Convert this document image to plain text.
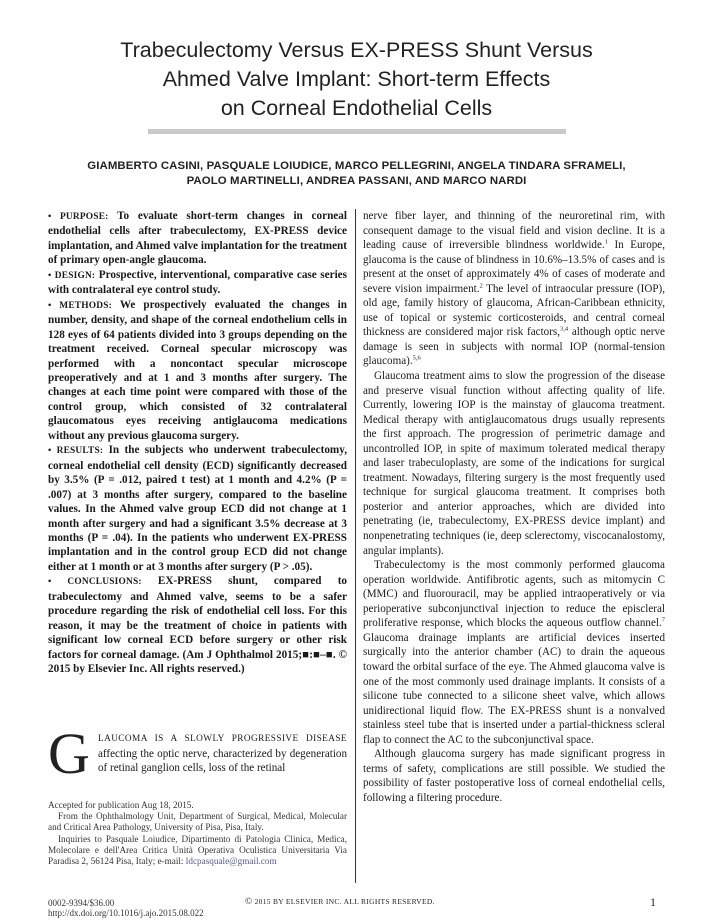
Trabeculectomy Versus EX-PRESS Shunt Versus
Ahmed Valve Implant: Short-term Effects
on Corneal Endothelial Cells
GIAMBERTO CASINI, PASQUALE LOIUDICE, MARCO PELLEGRINI, ANGELA TINDARA SFRAMELI,
PAOLO MARTINELLI, ANDREA PASSANI, AND MARCO NARDI

• PURPOSE: To evaluate short-term changes in corneal endothelial cells after trabeculectomy, EX-PRESS device implantation, and Ahmed valve implantation for the treatment of primary open-angle glaucoma.

• DESIGN: Prospective, interventional, comparative case series with contralateral eye control study.

• METHODS: We prospectively evaluated the changes in number, density, and shape of the corneal endothelium cells in 128 eyes of 64 patients divided into 3 groups depending on the treatment received. Corneal specular microscopy was performed with a noncontact specular microscope preoperatively and at 1 and 3 months after surgery. The changes at each time point were compared with those of the control group, which consisted of 32 contralateral glaucomatous eyes receiving antiglaucoma medications without any previous glaucoma surgery.

• RESULTS: In the subjects who underwent trabeculectomy, corneal endothelial cell density (ECD) significantly decreased by 3.5% (P = .012, paired t test) at 1 month and 4.2% (P = .007) at 3 months after surgery, compared to the baseline values. In the Ahmed valve group ECD did not change at 1 month after surgery and had a significant 3.5% decrease at 3 months (P = .04). In the patients who underwent EX-PRESS implantation and in the control group ECD did not change either at 1 month or at 3 months after surgery (P > .05).

• CONCLUSIONS: EX-PRESS shunt, compared to trabeculectomy and Ahmed valve, seems to be a safer procedure regarding the risk of endothelial cell loss. For this reason, it may be the treatment of choice in patients with significant low corneal ECD before surgery or other risk factors for corneal damage. (Am J Ophthalmol 2015;■:■–■. © 2015 by Elsevier Inc. All rights reserved.)

G LAUCOMA IS A SLOWLY PROGRESSIVE DISEASE affecting the optic nerve, characterized by degeneration of retinal ganglion cells, loss of the retinal

Accepted for publication Aug 18, 2015.

From the Ophthalmology Unit, Department of Surgical, Medical, Molecular and Critical Area Pathology, University of Pisa, Pisa, Italy.

Inquiries to Pasquale Loiudice, Dipartimento di Patologia Clinica, Medica, Molecolare e dell'Area Critica Unità Operativa Oculistica Universitaria Via Paradisa 2, 56124 Pisa, Italy; e-mail: ldcpasquale@gmail.com

nerve fiber layer, and thinning of the neuroretinal rim, with consequent damage to the visual field and vision decline. It is a leading cause of irreversible blindness worldwide.$^1$ In Europe, glaucoma is the cause of blindness in 10.6%–13.5% of cases and is present at the onset of approximately 4% of cases of moderate and severe vision impairment.$^2$ The level of intraocular pressure (IOP), old age, family history of glaucoma, African-Caribbean ethnicity, use of topical or systemic corticosteroids, and central corneal thickness are considered major risk factors,$^{3,4}$ although optic nerve damage is seen in subjects with normal IOP (normal-tension glaucoma).$^{5,6}$

Glaucoma treatment aims to slow the progression of the disease and preserve visual function without affecting quality of life. Currently, lowering IOP is the mainstay of glaucoma treatment. Medical therapy with antiglaucomatous drugs usually represents the first approach. The progression of perimetric damage and uncontrolled IOP, in spite of maximum tolerated medical therapy and laser trabeculoplasty, are some of the indications for surgical treatment. Nowadays, filtering surgery is the most frequently used technique for surgical glaucoma treatment. It comprises both posterior and anterior approaches, which are divided into penetrating (ie, trabeculectomy, EX-PRESS device implant) and nonpenetrating techniques (ie, deep sclerectomy, viscocanalostomy, angular implants).

Trabeculectomy is the most commonly performed glaucoma operation worldwide. Antifibrotic agents, such as mitomycin C (MMC) and fluorouracil, may be applied intraoperatively or via perioperative subconjunctival injection to reduce the episcleral proliferative response, which blocks the aqueous outflow channel.$^7$ Glaucoma drainage implants are artificial devices inserted surgically into the anterior chamber (AC) to drain the aqueous toward the orbital surface of the eye. The Ahmed glaucoma valve is one of the most commonly used drainage implants. It consists of a silicone tube connected to a silicone sheet valve, which allows unidirectional liquid flow. The EX-PRESS shunt is a nonvalved stainless steel tube that is inserted under a partial-thickness scleral flap to connect the AC to the subconjunctival space.

Although glaucoma surgery has made significant progress in terms of safety, complications are still possible. We studied the possibility of faster postoperative loss of corneal endothelial cells, following a filtering procedure.

0002-9394/$36.00
http://dx.doi.org/10.1016/j.ajo.2015.08.022
© 2015 BY ELSEVIER INC. ALL RIGHTS RESERVED.	1
